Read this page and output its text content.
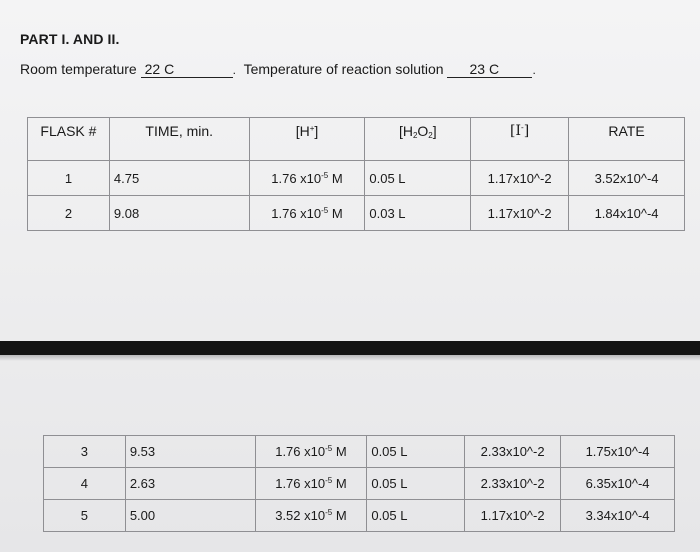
PART I. AND II.
Room temperature 22 C	. Temperature of reaction solution 23 C	.
FLASK #	TIME, min.	[H+]	$[H_2O_2]$	[I-]	RATE
1	4.75	1.76 $x10^{-5}$ M	0.05 L	1.17x10^-2	3.52x10^-4
2	9.08	1.76 $x10^{-5}$ M	0.03 L	1.17x10^-2	1.84x10^-4
3	9.53	1.76 $x10^{-5}$ M	0.05 L	2.33x10^-2	1.75x10^-4
4	2.63	1.76 $x10^{-5}$ M	0.05 L	2.33x10^-2	6.35x10^-4
5	5.00	3.52 $x10^{-5}$ M	0.05 L	1.17x10^-2	3.34x10^-4
